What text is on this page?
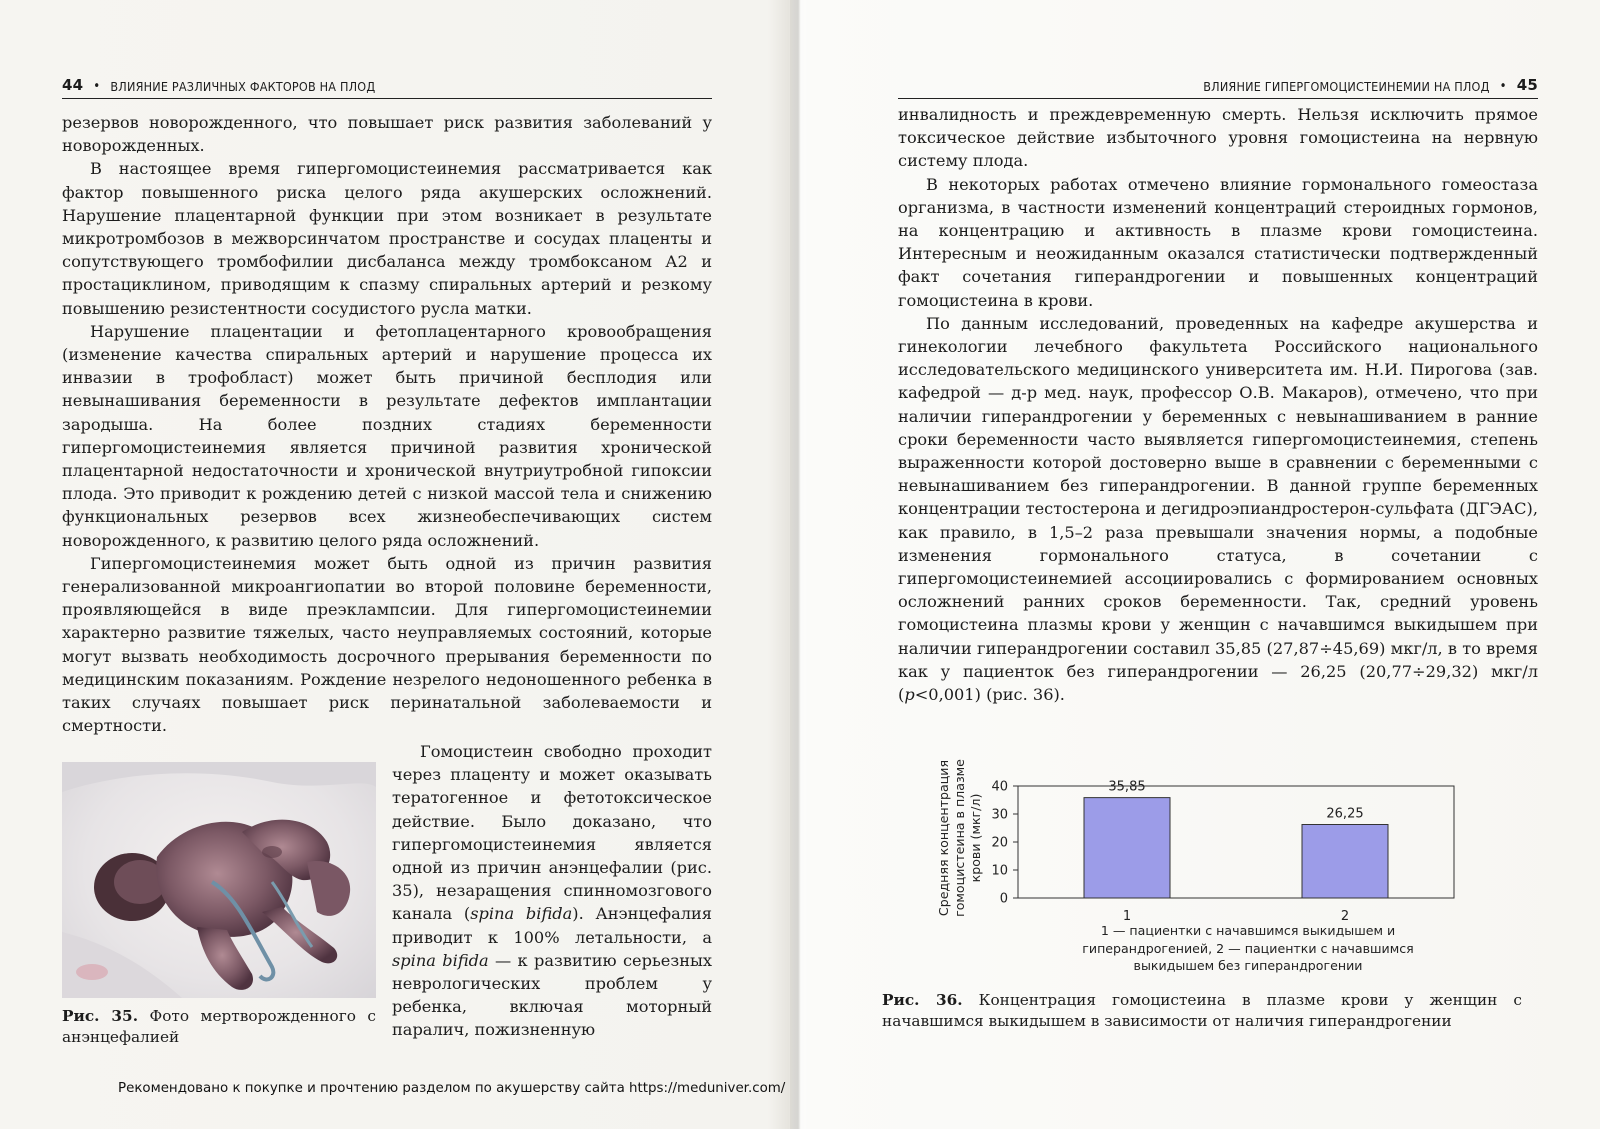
44 • ВЛИЯНИЕ РАЗЛИЧНЫХ ФАКТОРОВ НА ПЛОД

резервов новорожденного, что повышает риск развития заболеваний у новорожденных.

В настоящее время гипергомоцистеинемия рассматривается как фактор повышенного риска целого ряда акушерских осложнений. Нарушение плацентарной функции при этом возникает в результате микротромбозов в межворсинчатом пространстве и сосудах плаценты и сопутствующего тромбофилии дисбаланса между тромбоксаном А2 и простациклином, приводящим к спазму спиральных артерий и резкому повышению резистентности сосудистого русла матки.

Нарушение плацентации и фетоплацентарного кровообращения (изменение качества спиральных артерий и нарушение процесса их инвазии в трофобласт) может быть причиной бесплодия или невынашивания беременности в результате дефектов имплантации зародыша. На более поздних стадиях беременности гипергомоцистеинемия является причиной развития хронической плацентарной недостаточности и хронической внутриутробной гипоксии плода. Это приводит к рождению детей с низкой массой тела и снижению функциональных резервов всех жизнеобеспечивающих систем новорожденного, к развитию целого ряда осложнений.

Гипергомоцистеинемия может быть одной из причин развития генерализованной микроангиопатии во второй половине беременности, проявляющейся в виде преэклампсии. Для гипергомоцистеинемии характерно развитие тяжелых, часто неуправляемых состояний, которые могут вызвать необходимость досрочного прерывания беременности по медицинским показаниям. Рождение незрелого недоношенного ребенка в таких случаях повышает риск перинатальной заболеваемости и смертности.

Рис. 35. Фото мертворожденного с анэнцефалией

Гомоцистеин свободно проходит через плаценту и может оказывать тератогенное и фетотоксическое действие. Было доказано, что гипергомоцистеинемия является одной из причин анэнцефалии (рис. 35), незаращения спинномозгового канала (spina bifida). Анэнцефалия приводит к 100% летальности, а spina bifida — к развитию серьезных неврологических проблем у ребенка, включая моторный паралич, пожизненную

ВЛИЯНИЕ ГИПЕРГОМОЦИСТЕИНЕМИИ НА ПЛОД • 45

инвалидность и преждевременную смерть. Нельзя исключить прямое токсическое действие избыточного уровня гомоцистеина на нервную систему плода.

В некоторых работах отмечено влияние гормонального гомеостаза организма, в частности изменений концентраций стероидных гормонов, на концентрацию и активность в плазме крови гомоцистеина. Интересным и неожиданным оказался статистически подтвержденный факт сочетания гиперандрогении и повышенных концентраций гомоцистеина в крови.

По данным исследований, проведенных на кафедре акушерства и гинекологии лечебного факультета Российского национального исследовательского медицинского университета им. Н.И. Пирогова (зав. кафедрой — д-р мед. наук, профессор О.В. Макаров), отмечено, что при наличии гиперандрогении у беременных с невынашиванием в ранние сроки беременности часто выявляется гипергомоцистеинемия, степень выраженности которой достоверно выше в сравнении с беременными с невынашиванием без гиперандрогении. В данной группе беременных концентрации тестостерона и дегидроэпиандростерон-сульфата (ДГЭАС), как правило, в 1,5–2 раза превышали значения нормы, а подобные изменения гормонального статуса, в сочетании с гипергомоцистеинемией ассоциировались с формированием основных осложнений ранних сроков беременности. Так, средний уровень гомоцистеина плазмы крови у женщин с начавшимся выкидышем при наличии гиперандрогении составил 35,85 (27,87÷45,69) мкг/л, в то время как у пациенток без гиперандрогении — 26,25 (20,77÷29,32) мкг/л (p<0,001) (рис. 36).

0
10
20
30
40
Средняя концентрациягомоцистеина в плазмекрови (мкг/л)
35,85
1
26,25
2
1 — пациентки с начавшимся выкидышем и гиперандрогенией, 2 — пациентки с начавшимся выкидышем без гиперандрогении
Рис. 36. Концентрация гомоцистеина в плазме крови у женщин с начавшимся выкидышем в зависимости от наличия гиперандрогении
Рекомендовано к покупке и прочтению разделом по акушерству сайта https://meduniver.com/
